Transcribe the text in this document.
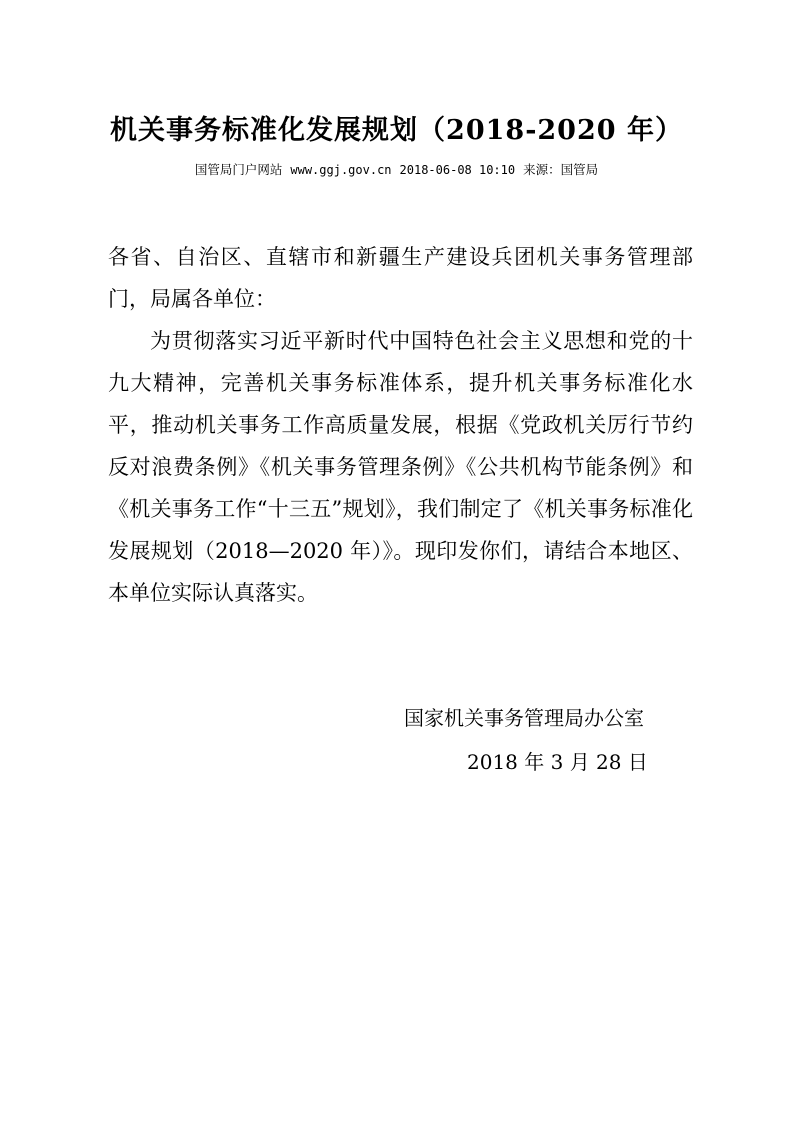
机关事务标准化发展规划（2018-2020 年）
国管局门户网站 www.ggj.gov.cn 2018-06-08 10:10 来源：国管局

各省、自治区、直辖市和新疆生产建设兵团机关事务管理部门，局属各单位：

为贯彻落实习近平新时代中国特色社会主义思想和党的十九大精神，完善机关事务标准体系，提升机关事务标准化水平，推动机关事务工作高质量发展，根据《党政机关厉行节约反对浪费条例》《机关事务管理条例》《公共机构节能条例》和《机关事务工作“十三五”规划》，我们制定了《机关事务标准化发展规划（2018—2020 年）》。现印发你们，请结合本地区、本单位实际认真落实。

国家机关事务管理局办公室
2018 年 3 月 28 日
